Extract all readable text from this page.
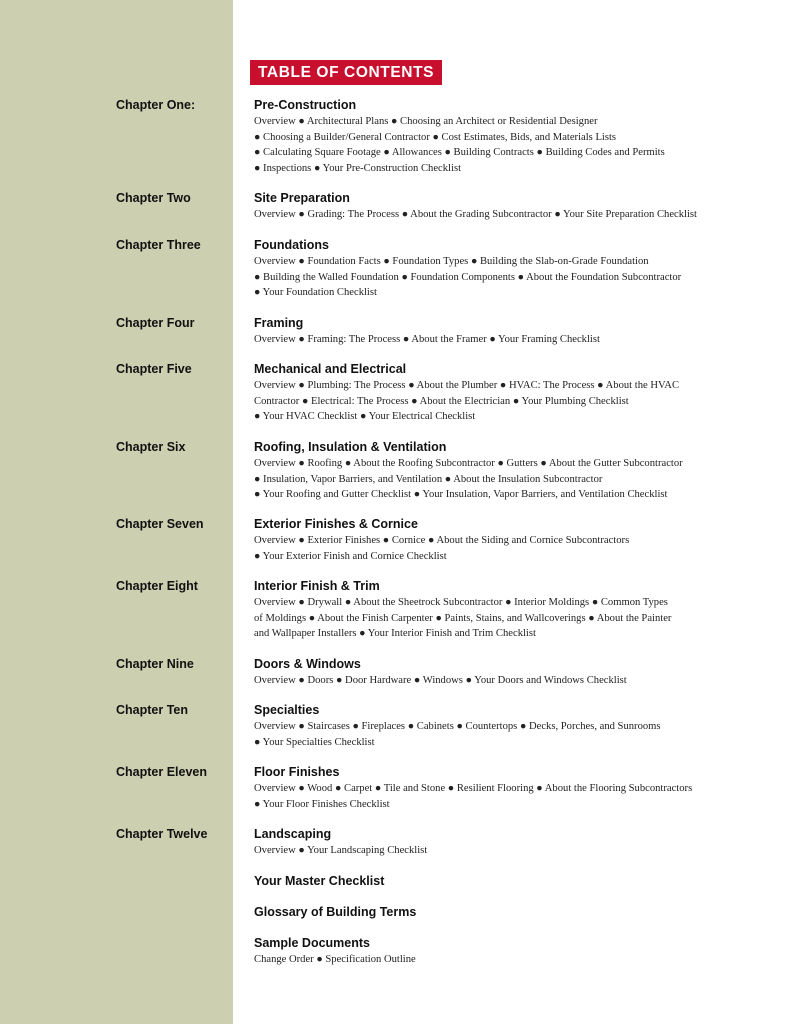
TABLE OF CONTENTS
Chapter One:	Pre-Construction
Overview ● Architectural Plans ● Choosing an Architect or Residential Designer
● Choosing a Builder/General Contractor ● Cost Estimates, Bids, and Materials Lists
● Calculating Square Footage ● Allowances ● Building Contracts ● Building Codes and Permits
● Inspections ● Your Pre-Construction Checklist
Chapter Two	Site Preparation
Overview ● Grading: The Process ● About the Grading Subcontractor ● Your Site Preparation Checklist
Chapter Three	Foundations
Overview ● Foundation Facts ● Foundation Types ● Building the Slab-on-Grade Foundation
● Building the Walled Foundation ● Foundation Components ● About the Foundation Subcontractor
● Your Foundation Checklist
Chapter Four	Framing
Overview ● Framing: The Process ● About the Framer ● Your Framing Checklist
Chapter Five	Mechanical and Electrical
Overview ● Plumbing: The Process ● About the Plumber ● HVAC: The Process ● About the HVAC
Contractor ● Electrical: The Process ● About the Electrician ● Your Plumbing Checklist
● Your HVAC Checklist ● Your Electrical Checklist
Chapter Six	Roofing, Insulation & Ventilation
Overview ● Roofing ● About the Roofing Subcontractor ● Gutters ● About the Gutter Subcontractor
● Insulation, Vapor Barriers, and Ventilation ● About the Insulation Subcontractor
● Your Roofing and Gutter Checklist ● Your Insulation, Vapor Barriers, and Ventilation Checklist
Chapter Seven	Exterior Finishes & Cornice
Overview ● Exterior Finishes ● Cornice ● About the Siding and Cornice Subcontractors
● Your Exterior Finish and Cornice Checklist
Chapter Eight	Interior Finish & Trim
Overview ● Drywall ● About the Sheetrock Subcontractor ● Interior Moldings ● Common Types
of Moldings ● About the Finish Carpenter ● Paints, Stains, and Wallcoverings ● About the Painter
and Wallpaper Installers ● Your Interior Finish and Trim Checklist
Chapter Nine	Doors & Windows
Overview ● Doors ● Door Hardware ● Windows ● Your Doors and Windows Checklist
Chapter Ten	Specialties
Overview ● Staircases ● Fireplaces ● Cabinets ● Countertops ● Decks, Porches, and Sunrooms
● Your Specialties Checklist
Chapter Eleven	Floor Finishes
Overview ● Wood ● Carpet ● Tile and Stone ● Resilient Flooring ● About the Flooring Subcontractors
● Your Floor Finishes Checklist
Chapter Twelve	Landscaping
Overview ● Your Landscaping Checklist
Your Master Checklist
Glossary of Building Terms
Sample Documents
Change Order ● Specification Outline
